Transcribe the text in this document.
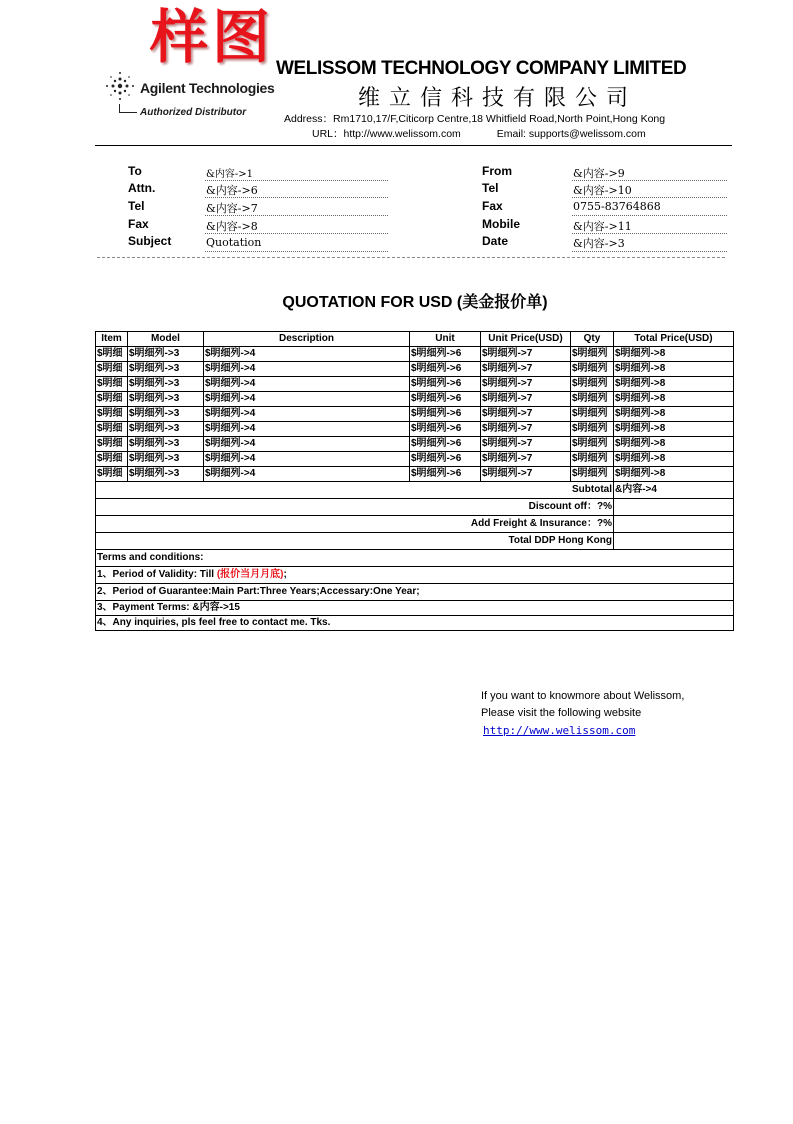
样图
Agilent Technologies
Authorized Distributor
WELISSOM TECHNOLOGY COMPANY LIMITED
维立信科技有限公司
Address：Rm1710,17/F,Citicorp Centre,18 Whitfield Road,North Point,Hong Kong
URL：http://www.welissom.com	Email: supports@welissom.com
To	&内容->1
Attn.	&内容->6
Tel	&内容->7
Fax	&内容->8
Subject	Quotation
From	&内容->9
Tel	&内容->10
Fax	0755-83764868
Mobile	&内容->11
Date	&内容->3
QUOTATION FOR USD (美金报价单)
Item	Model	Description	Unit	Unit Price(USD)	Qty	Total Price(USD)
$明细	$明细列->3	$明细列->4	$明细列->6	$明细列->7	$明细列	$明细列->8
$明细	$明细列->3	$明细列->4	$明细列->6	$明细列->7	$明细列	$明细列->8
$明细	$明细列->3	$明细列->4	$明细列->6	$明细列->7	$明细列	$明细列->8
$明细	$明细列->3	$明细列->4	$明细列->6	$明细列->7	$明细列	$明细列->8
$明细	$明细列->3	$明细列->4	$明细列->6	$明细列->7	$明细列	$明细列->8
$明细	$明细列->3	$明细列->4	$明细列->6	$明细列->7	$明细列	$明细列->8
$明细	$明细列->3	$明细列->4	$明细列->6	$明细列->7	$明细列	$明细列->8
$明细	$明细列->3	$明细列->4	$明细列->6	$明细列->7	$明细列	$明细列->8
$明细	$明细列->3	$明细列->4	$明细列->6	$明细列->7	$明细列	$明细列->8
Subtotal						&内容->4
Discount off：?%						
Add Freight & Insurance：?%						
Total DDP Hong Kong						
Terms and conditions:						
1、Period of Validity: Till (报价当月月底);						
2、Period of Guarantee:Main Part:Three Years;Accessary:One Year;						
3、Payment Terms: &内容->15						
4、Any inquiries, pls feel free to contact me. Tks.						
If you want to knowmore about Welissom,
Please visit the following website
http://www.welissom.com
